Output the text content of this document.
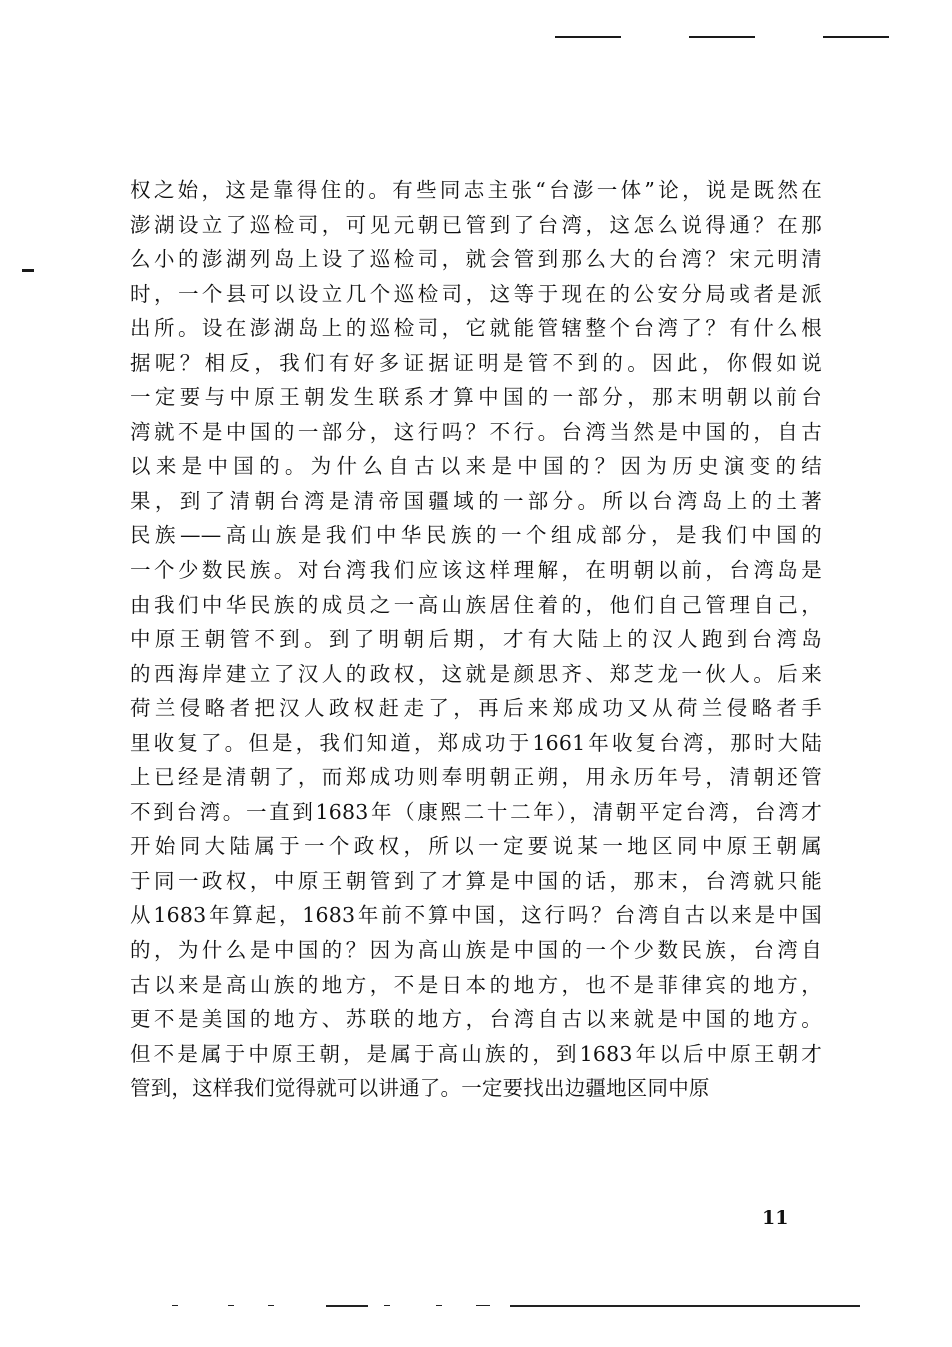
权之始，这是靠得住的。有些同志主张“台澎一体”论，说是既然在
澎湖设立了巡检司，可见元朝已管到了台湾，这怎么说得通？在那
么小的澎湖列岛上设了巡检司，就会管到那么大的台湾？宋元明清
时，一个县可以设立几个巡检司，这等于现在的公安分局或者是派
出所。设在澎湖岛上的巡检司，它就能管辖整个台湾了？有什么根
据呢？相反，我们有好多证据证明是管不到的。因此，你假如说
一定要与中原王朝发生联系才算中国的一部分，那末明朝以前台
湾就不是中国的一部分，这行吗？不行。台湾当然是中国的，自古
以来是中国的。为什么自古以来是中国的？因为历史演变的结
果，到了清朝台湾是清帝国疆域的一部分。所以台湾岛上的土著
民族——高山族是我们中华民族的一个组成部分，是我们中国的
一个少数民族。对台湾我们应该这样理解，在明朝以前，台湾岛是
由我们中华民族的成员之一高山族居住着的，他们自己管理自己，
中原王朝管不到。到了明朝后期，才有大陆上的汉人跑到台湾岛
的西海岸建立了汉人的政权，这就是颜思齐、郑芝龙一伙人。后来
荷兰侵略者把汉人政权赶走了，再后来郑成功又从荷兰侵略者手
里收复了。但是，我们知道，郑成功于1661年收复台湾，那时大陆
上已经是清朝了，而郑成功则奉明朝正朔，用永历年号，清朝还管
不到台湾。一直到1683年（康熙二十二年），清朝平定台湾，台湾才
开始同大陆属于一个政权，所以一定要说某一地区同中原王朝属
于同一政权，中原王朝管到了才算是中国的话，那末，台湾就只能
从1683年算起，1683年前不算中国，这行吗？台湾自古以来是中国
的，为什么是中国的？因为高山族是中国的一个少数民族，台湾自
古以来是高山族的地方，不是日本的地方，也不是菲律宾的地方，
更不是美国的地方、苏联的地方，台湾自古以来就是中国的地方。
但不是属于中原王朝，是属于高山族的，到1683年以后中原王朝才
管到，这样我们觉得就可以讲通了。一定要找出边疆地区同中原
11
